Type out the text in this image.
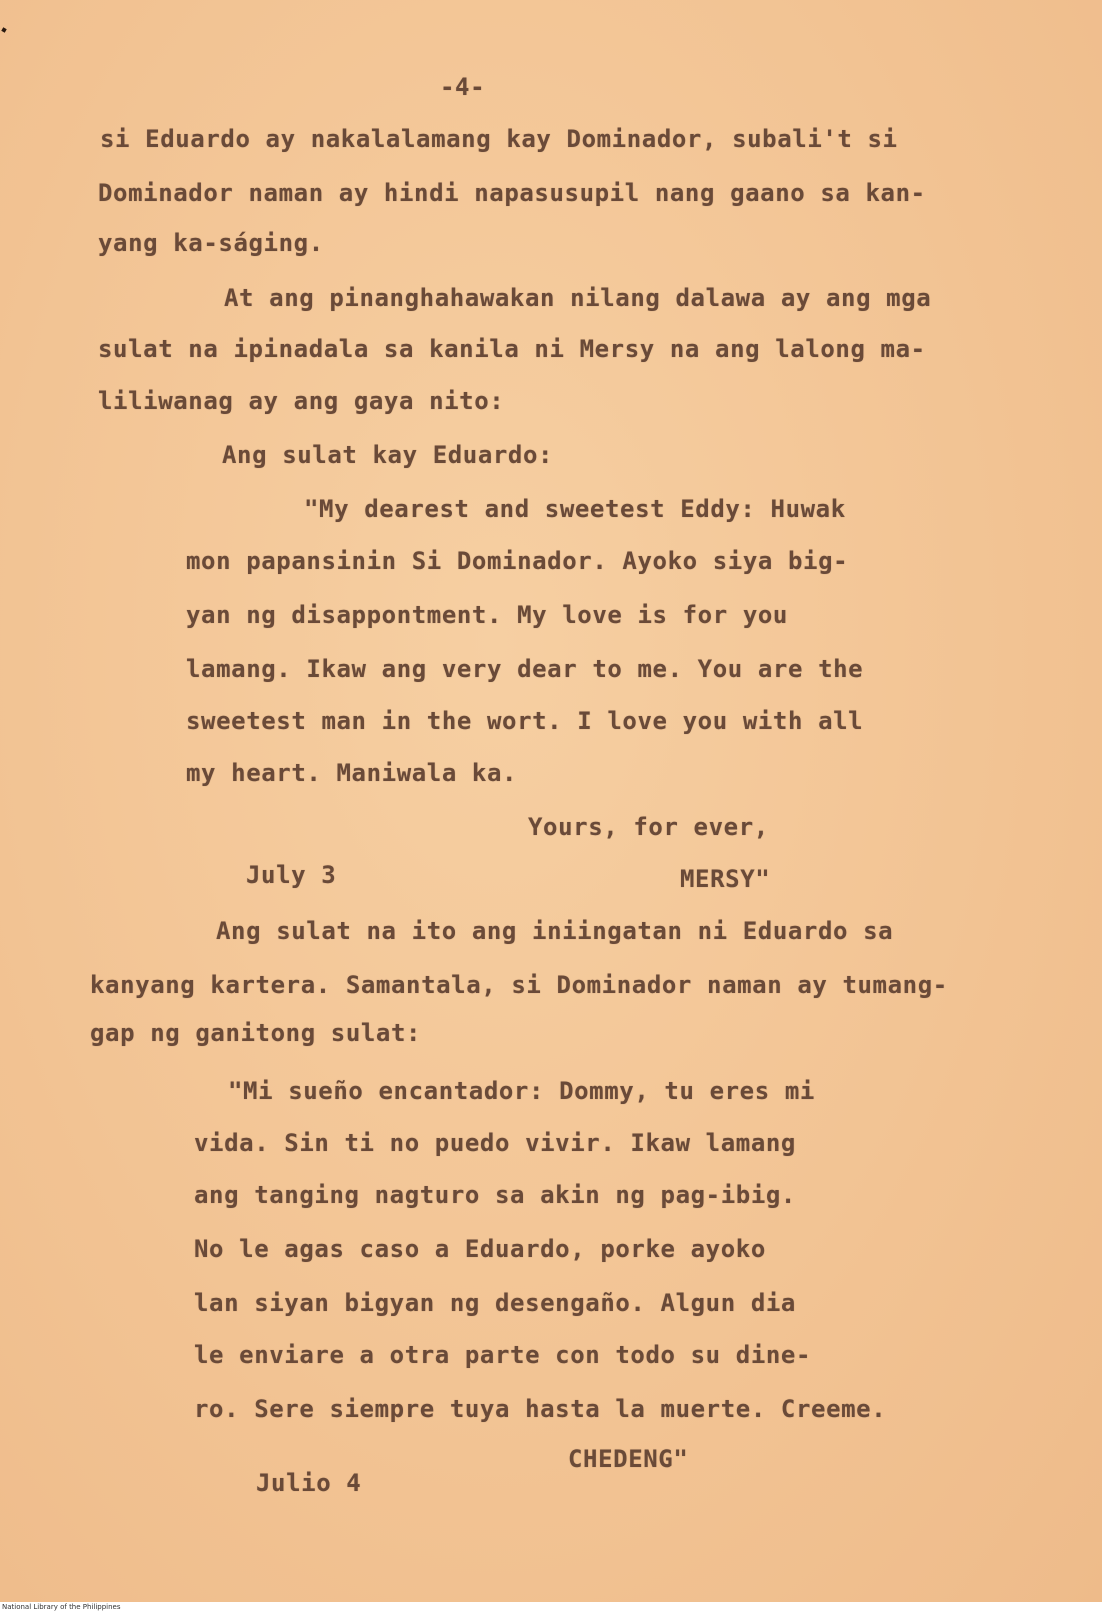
-4-
si Eduardo ay nakalalamang kay Dominador, subali't si
Dominador naman ay hindi napasusupil nang gaano sa kan-
yang ka-ságing.
At ang pinanghahawakan nilang dalawa ay ang mga
sulat na ipinadala sa kanila ni Mersy na ang lalong ma-
liliwanag ay ang gaya nito:
Ang sulat kay Eduardo:
"My dearest and sweetest Eddy: Huwak
mon papansinin Si Dominador. Ayoko siya big-
yan ng disappontment. My love is for you
lamang. Ikaw ang very dear to me. You are the
sweetest man in the wort. I love you with all
my heart. Maniwala ka.
Yours, for ever,
July 3	MERSY"
Ang sulat na ito ang iniingatan ni Eduardo sa
kanyang kartera. Samantala, si Dominador naman ay tumang-
gap ng ganitong sulat:
"Mi sueño encantador: Dommy, tu eres mi
vida. Sin ti no puedo vivir. Ikaw lamang
ang tanging nagturo sa akin ng pag-ibig.
No le agas caso a Eduardo, porke ayoko
lan siyan bigyan ng desengaño. Algun dia
le enviare a otra parte con todo su dine-
ro. Sere siempre tuya hasta la muerte. Creeme.
CHEDENG"
Julio 4
National Library of the Philippines
